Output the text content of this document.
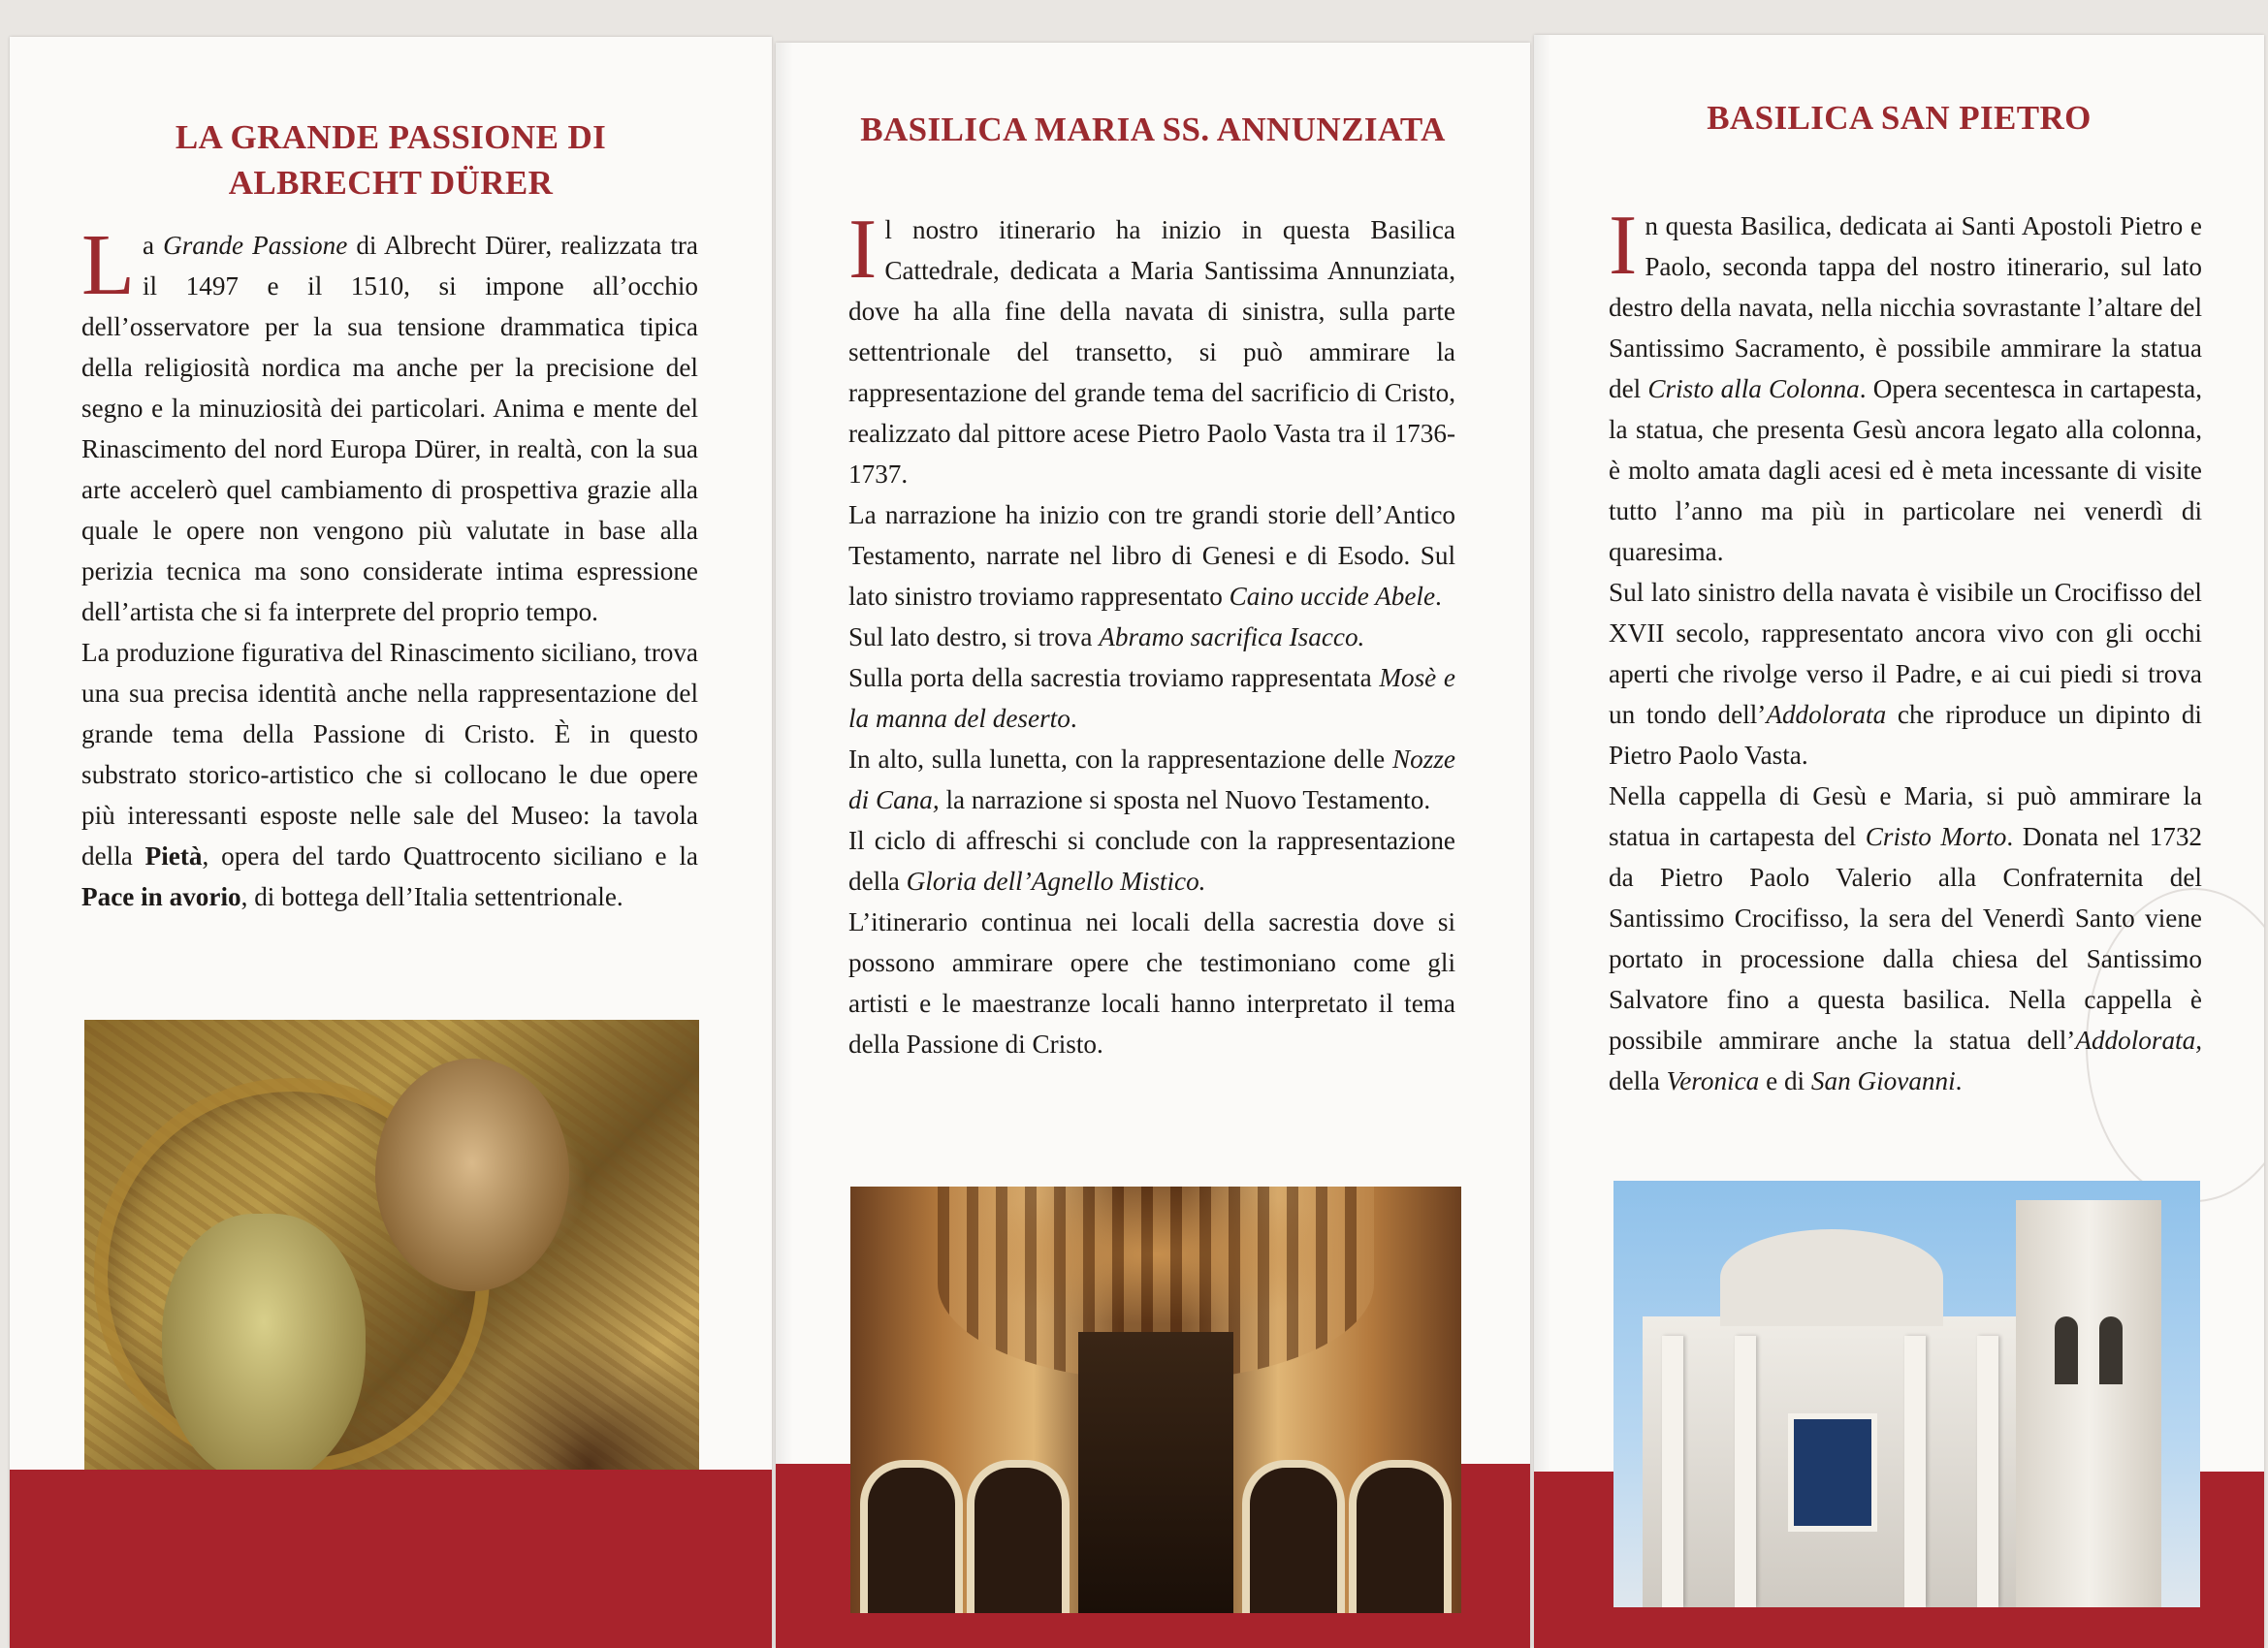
LA GRANDE PASSIONE DI
ALBRECHT DÜRER

La Grande Passione di Albrecht Dürer, realizzata tra il 1497 e il 1510, si impone all’occhio dell’osservatore per la sua tensione drammatica tipica della religiosità nordica ma anche per la precisione del segno e la minuziosità dei particolari. Anima e mente del Rinascimento del nord Europa Dürer, in realtà, con la sua arte accelerò quel cambiamento di prospettiva grazie alla quale le opere non vengono più valutate in base alla perizia tecnica ma sono considerate intima espressione dell’artista che si fa interprete del proprio tempo.

La produzione figurativa del Rinascimento siciliano, trova una sua precisa identità anche nella rappresentazione del grande tema della Passione di Cristo. È in questo substrato storico-artistico che si collocano le due opere più interessanti esposte nelle sale del Museo: la tavola della Pietà, opera del tardo Quattrocento siciliano e la Pace in avorio, di bottega dell’Italia settentrionale.

BASILICA MARIA SS. ANNUNZIATA

Il nostro itinerario ha inizio in questa Basilica Cattedrale, dedicata a Maria Santissima Annunziata, dove ha alla fine della navata di sinistra, sulla parte settentrionale del transetto, si può ammirare la rappresentazione del grande tema del sacrificio di Cristo, realizzato dal pittore acese Pietro Paolo Vasta tra il 1736-1737.

La narrazione ha inizio con tre grandi storie dell’Antico Testamento, narrate nel libro di Genesi e di Esodo. Sul lato sinistro troviamo rappresentato Caino uccide Abele.

Sul lato destro, si trova Abramo sacrifica Isacco.

Sulla porta della sacrestia troviamo rappresentata Mosè e la manna del deserto.

In alto, sulla lunetta, con la rappresentazione delle Nozze di Cana, la narrazione si sposta nel Nuovo Testamento.

Il ciclo di affreschi si conclude con la rappresentazione della Gloria dell’Agnello Mistico.

L’itinerario continua nei locali della sacrestia dove si possono ammirare opere che testimoniano come gli artisti e le maestranze locali hanno interpretato il tema della Passione di Cristo.

BASILICA SAN PIETRO

In questa Basilica, dedicata ai Santi Apostoli Pietro e Paolo, seconda tappa del nostro itinerario, sul lato destro della navata, nella nicchia sovrastante l’altare del Santissimo Sacramento, è possibile ammirare la statua del Cristo alla Colonna. Opera secentesca in cartapesta, la statua, che presenta Gesù ancora legato alla colonna, è molto amata dagli acesi ed è meta incessante di visite tutto l’anno ma più in particolare nei venerdì di quaresima.

Sul lato sinistro della navata è visibile un Crocifisso del XVII secolo, rappresentato ancora vivo con gli occhi aperti che rivolge verso il Padre, e ai cui piedi si trova un tondo dell’Addolorata che riproduce un dipinto di Pietro Paolo Vasta.

Nella cappella di Gesù e Maria, si può ammirare la statua in cartapesta del Cristo Morto. Donata nel 1732 da Pietro Paolo Valerio alla Confraternita del Santissimo Crocifisso, la sera del Venerdì Santo viene portato in processione dalla chiesa del Santissimo Salvatore fino a questa basilica. Nella cappella è possibile ammirare anche la statua dell’Addolorata, della Veronica e di San Giovanni.
